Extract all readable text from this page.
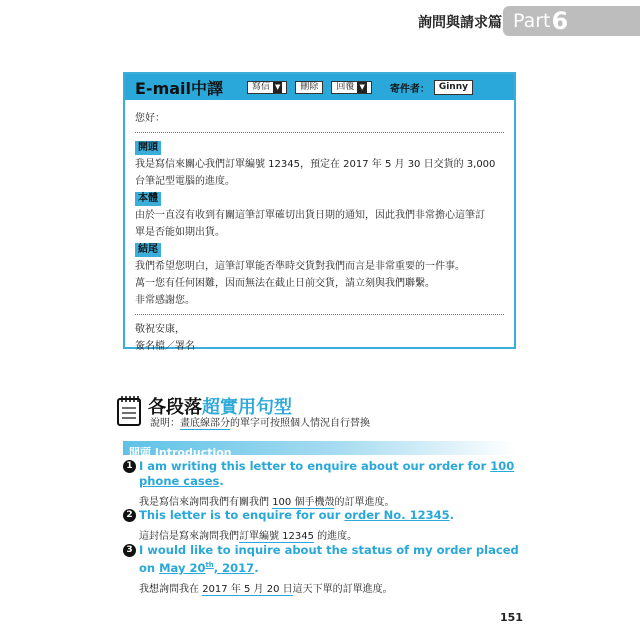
詢問與請求篇 Part 6
E-mail中譯	寫信 ▼ 刪除 回覆 ▼	寄件者：	Ginny

您好：

開頭

我是寫信來關心我們訂單編號 12345，預定在 2017 年 5 月 30 日交貨的 3,000

台筆記型電腦的進度。

本體

由於一直沒有收到有關這筆訂單確切出貨日期的通知，因此我們非常擔心這筆訂

單是否能如期出貨。

結尾

我們希望您明白，這筆訂單能否準時交貨對我們而言是非常重要的一件事。

萬一您有任何困難，因而無法在截止日前交貨，請立刻與我們聯繫。

非常感謝您。

敬祝安康，

簽名檔／署名

各段落超實用句型
說明：畫底線部分的單字可按照個人情況自行替換
開頭 Introduction
1 I am writing this letter to enquire about our order for 100 phone cases.
我是寫信來詢問我們有關我們 100 個手機殼的訂單進度。
2 This letter is to enquire for our order No. 12345.
這封信是寫來詢問我們訂單編號 12345 的進度。
3 I would like to inquire about the status of my order placed on May 20th, 2017.
我想詢問我在 2017 年 5 月 20 日這天下單的訂單進度。
151
